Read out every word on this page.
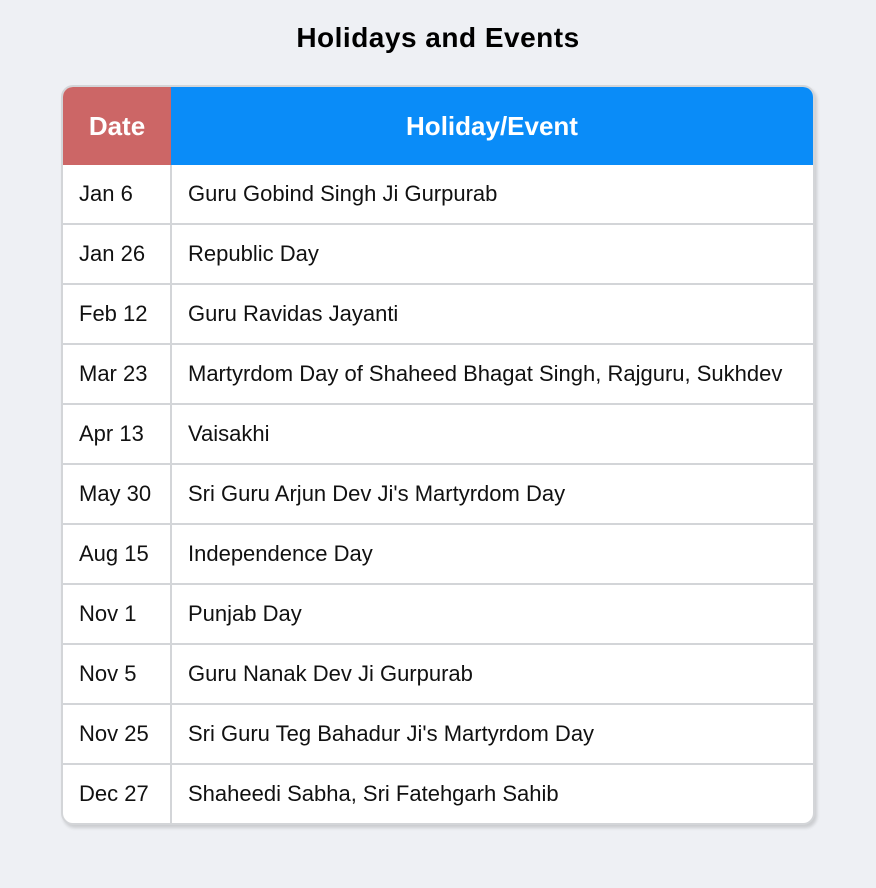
Holidays and Events
Date	Holiday/Event
Jan 6	Guru Gobind Singh Ji Gurpurab
Jan 26	Republic Day
Feb 12	Guru Ravidas Jayanti
Mar 23	Martyrdom Day of Shaheed Bhagat Singh, Rajguru, Sukhdev
Apr 13	Vaisakhi
May 30	Sri Guru Arjun Dev Ji's Martyrdom Day
Aug 15	Independence Day
Nov 1	Punjab Day
Nov 5	Guru Nanak Dev Ji Gurpurab
Nov 25	Sri Guru Teg Bahadur Ji's Martyrdom Day
Dec 27	Shaheedi Sabha, Sri Fatehgarh Sahib
